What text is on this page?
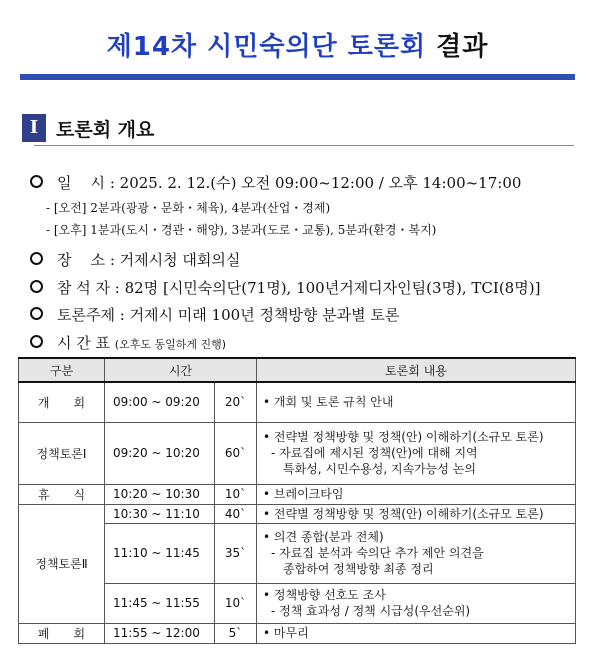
제14차 시민숙의단 토론회 결과
Ⅰ 토론회 개요
일    시 : 2025. 2. 12.(수) 오전 09:00~12:00 / 오후 14:00~17:00
- [오전] 2분과(광광・문화・체육), 4분과(산업・경제)
- [오후] 1분과(도시・경관・해양), 3분과(도로・교통), 5분과(환경・복지)
장    소 : 거제시청 대회의실
참 석 자 : 82명 [시민숙의단(71명), 100년거제디자인팀(3명), TCI(8명)]
토론주제 : 거제시 미래 100년 정책방향 분과별 토론
시 간 표 (오후도 동일하게 진행)
구분	시간		토론회 내용
개　　회	09:00 ~ 09:20	20`	• 개회 및 토론 규칙 안내

정책토론Ⅰ	09:20 ~ 10:20	60`	• 전략별 정책방향 및 정책(안) 이해하기(소규모 토론)
- 자료집에 제시된 정책(안)에 대해 지역
특화성, 시민수용성, 지속가능성 논의

휴　　식	10:20 ~ 10:30	10`	• 브레이크타임

정책토론Ⅱ	10:30 ~ 11:10	40`	• 전략별 정책방향 및 정책(안) 이해하기(소규모 토론)

	11:10 ~ 11:45	35`	• 의견 종합(분과 전체)
- 자료집 분석과 숙의단 추가 제안 의견을
종합하여 정책방향 최종 정리

	11:45 ~ 11:55	10`	• 정책방향 선호도 조사
- 정책 효과성 / 정책 시급성(우선순위)

폐　　회	11:55 ~ 12:00	5`	• 마무리
